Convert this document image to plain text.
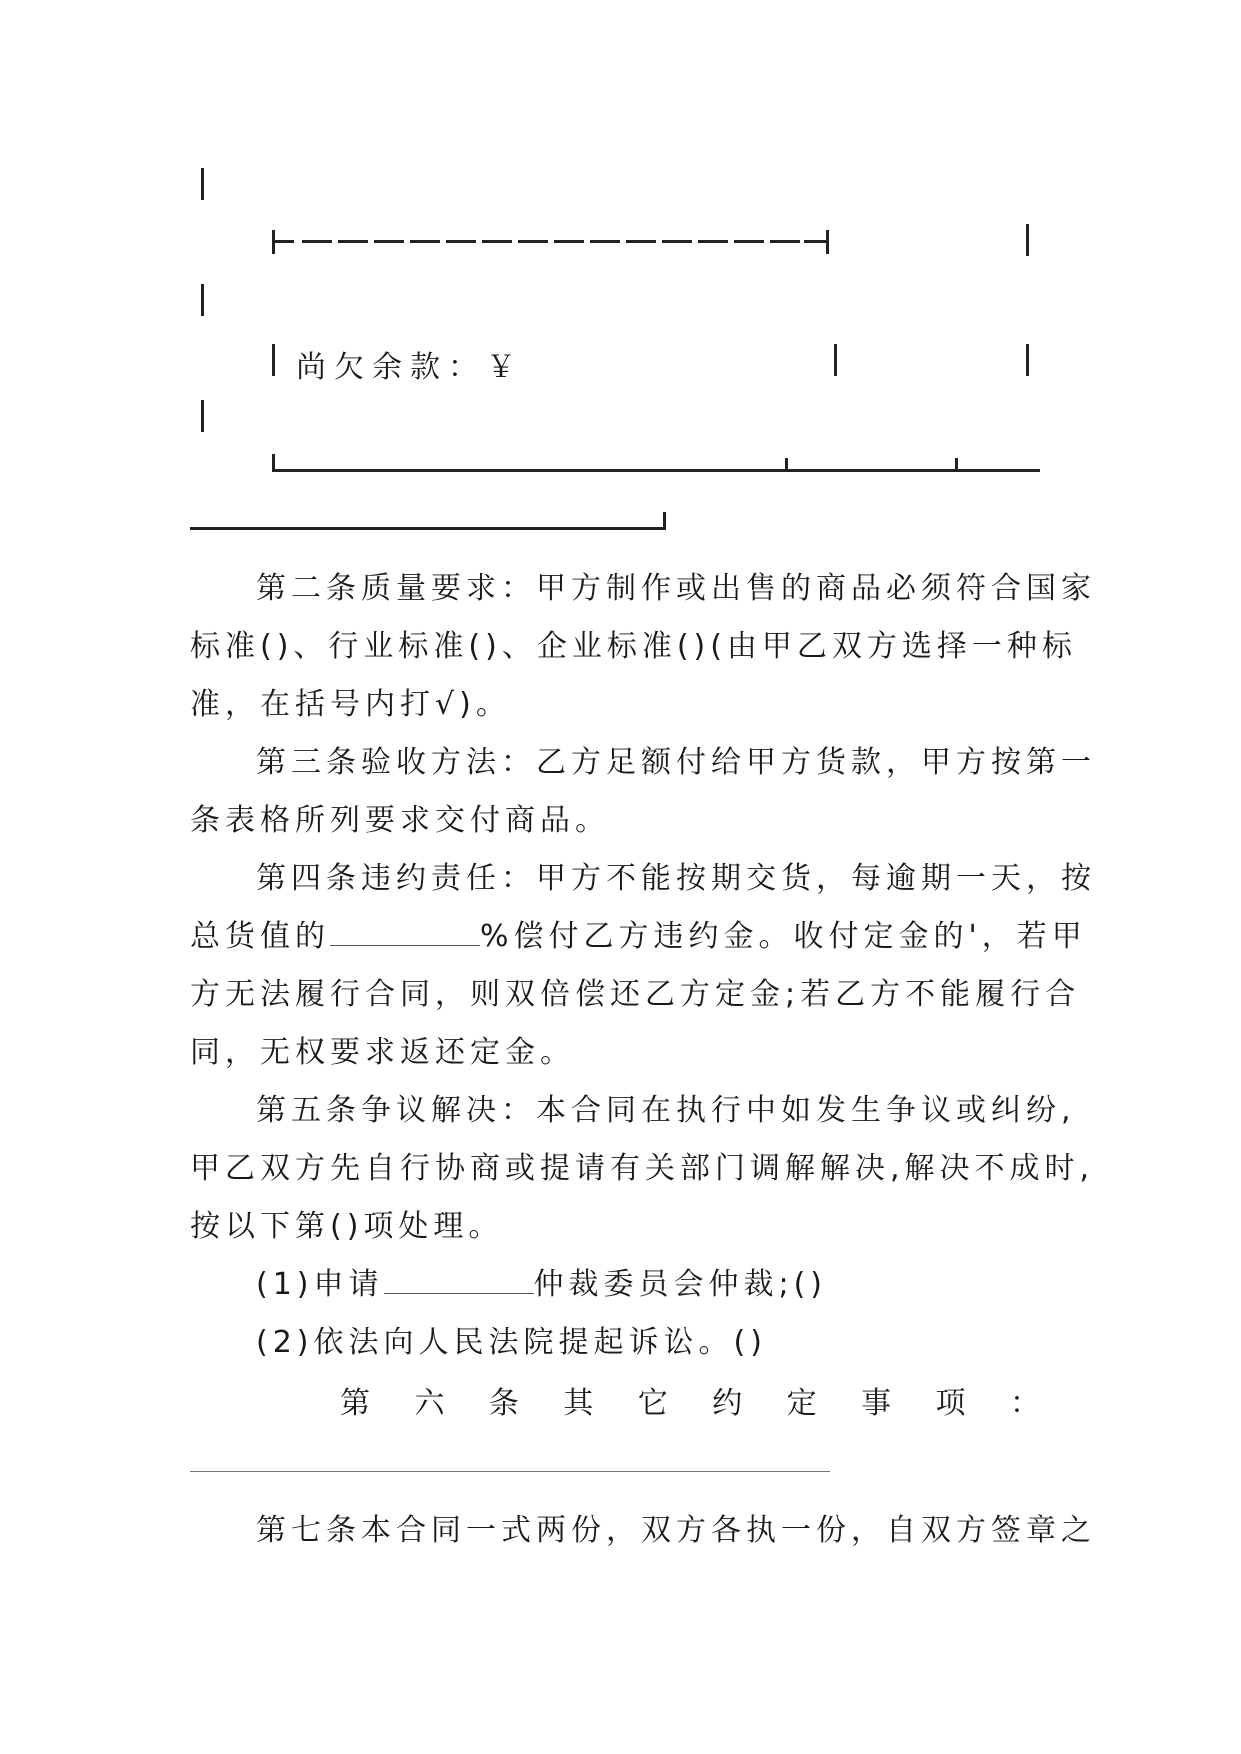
尚欠余款：￥
第二条质量要求：甲方制作或出售的商品必须符合国家
标准()、行业标准()、企业标准()(由甲乙双方选择一种标
准，在括号内打√)。
第三条验收方法：乙方足额付给甲方货款，甲方按第一
条表格所列要求交付商品。
第四条违约责任：甲方不能按期交货，每逾期一天，按
总货值的	%偿付乙方违约金。收付定金的'，若甲
方无法履行合同，则双倍偿还乙方定金;若乙方不能履行合
同，无权要求返还定金。
第五条争议解决：本合同在执行中如发生争议或纠纷,
甲乙双方先自行协商或提请有关部门调解解决,解决不成时,
按以下第()项处理。
(1)申请	仲裁委员会仲裁;()
(2)依法向人民法院提起诉讼。()
第 六 条 其 它 约 定 事 项 ：
第七条本合同一式两份，双方各执一份，自双方签章之
